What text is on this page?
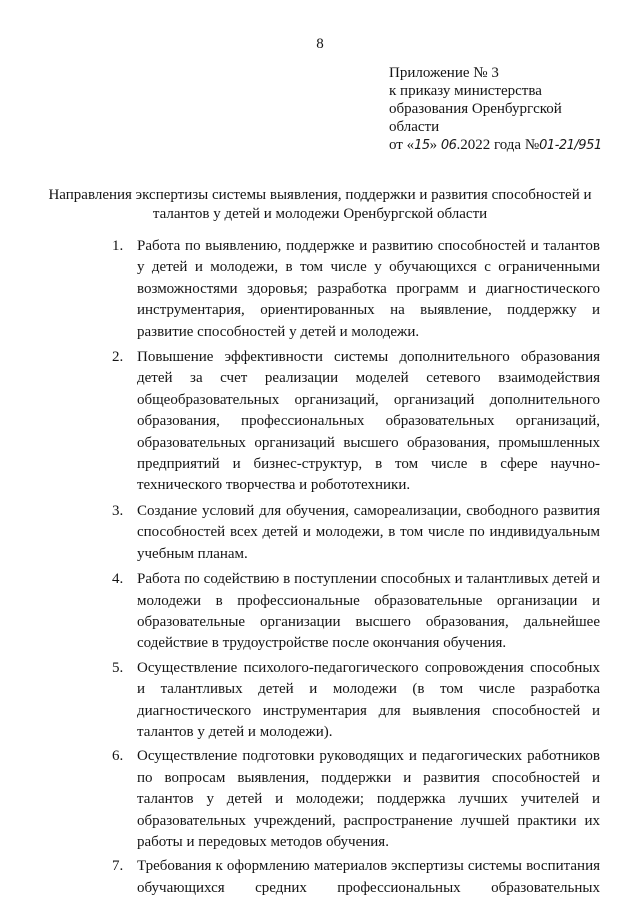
8
Приложение № 3
к приказу министерства
образования Оренбургской
области
от «15» 06.2022 года №01-21/951
Направления экспертизы системы выявления, поддержки и развития способностей и талантов у детей и молодежи Оренбургской области
1. Работа по выявлению, поддержке и развитию способностей и талантов у детей и молодежи, в том числе у обучающихся с ограниченными возможностями здоровья; разработка программ и диагностического инструментария, ориентированных на выявление, поддержку и развитие способностей у детей и молодежи.

2. Повышение эффективности системы дополнительного образования детей за счет реализации моделей сетевого взаимодействия общеобразовательных организаций, организаций дополнительного образования, профессиональных образовательных организаций, образовательных организаций высшего образования, промышленных предприятий и бизнес-структур, в том числе в сфере научно-технического творчества и робототехники.

3. Создание условий для обучения, самореализации, свободного развития способностей всех детей и молодежи, в том числе по индивидуальным учебным планам.

4. Работа по содействию в поступлении способных и талантливых детей и молодежи в профессиональные образовательные организации и образовательные организации высшего образования, дальнейшее содействие в трудоустройстве после окончания обучения.

5. Осуществление психолого-педагогического сопровождения способных и талантливых детей и молодежи (в том числе разработка диагностического инструментария для выявления способностей и талантов у детей и молодежи).

6. Осуществление подготовки руководящих и педагогических работников по вопросам выявления, поддержки и развития способностей и талантов у детей и молодежи; поддержка лучших учителей и образовательных учреждений, распространение лучшей практики их работы и передовых методов обучения.

7. Требования к оформлению материалов экспертизы системы воспитания обучающихся средних профессиональных образовательных
